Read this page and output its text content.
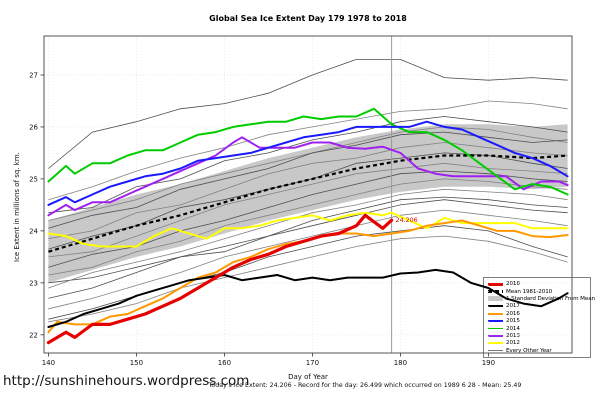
Global Sea Ice Extent Day 179 1978 to 2018
Ice Extent in millions of sq. km.
2018
Mean 1981-2010
1 Standard Deviation From Mean
2017
2016
2015
2014
2013
2012
Every Other Year
140	150	160	170	180	190
22
23
24
25
26
27
24.206
Day of Year
Today's Ice Extent: 24.206 - Record for the day: 26.499 which occurred on 1989 6 28 - Mean: 25.49
http://sunshinehours.wordpress.com
